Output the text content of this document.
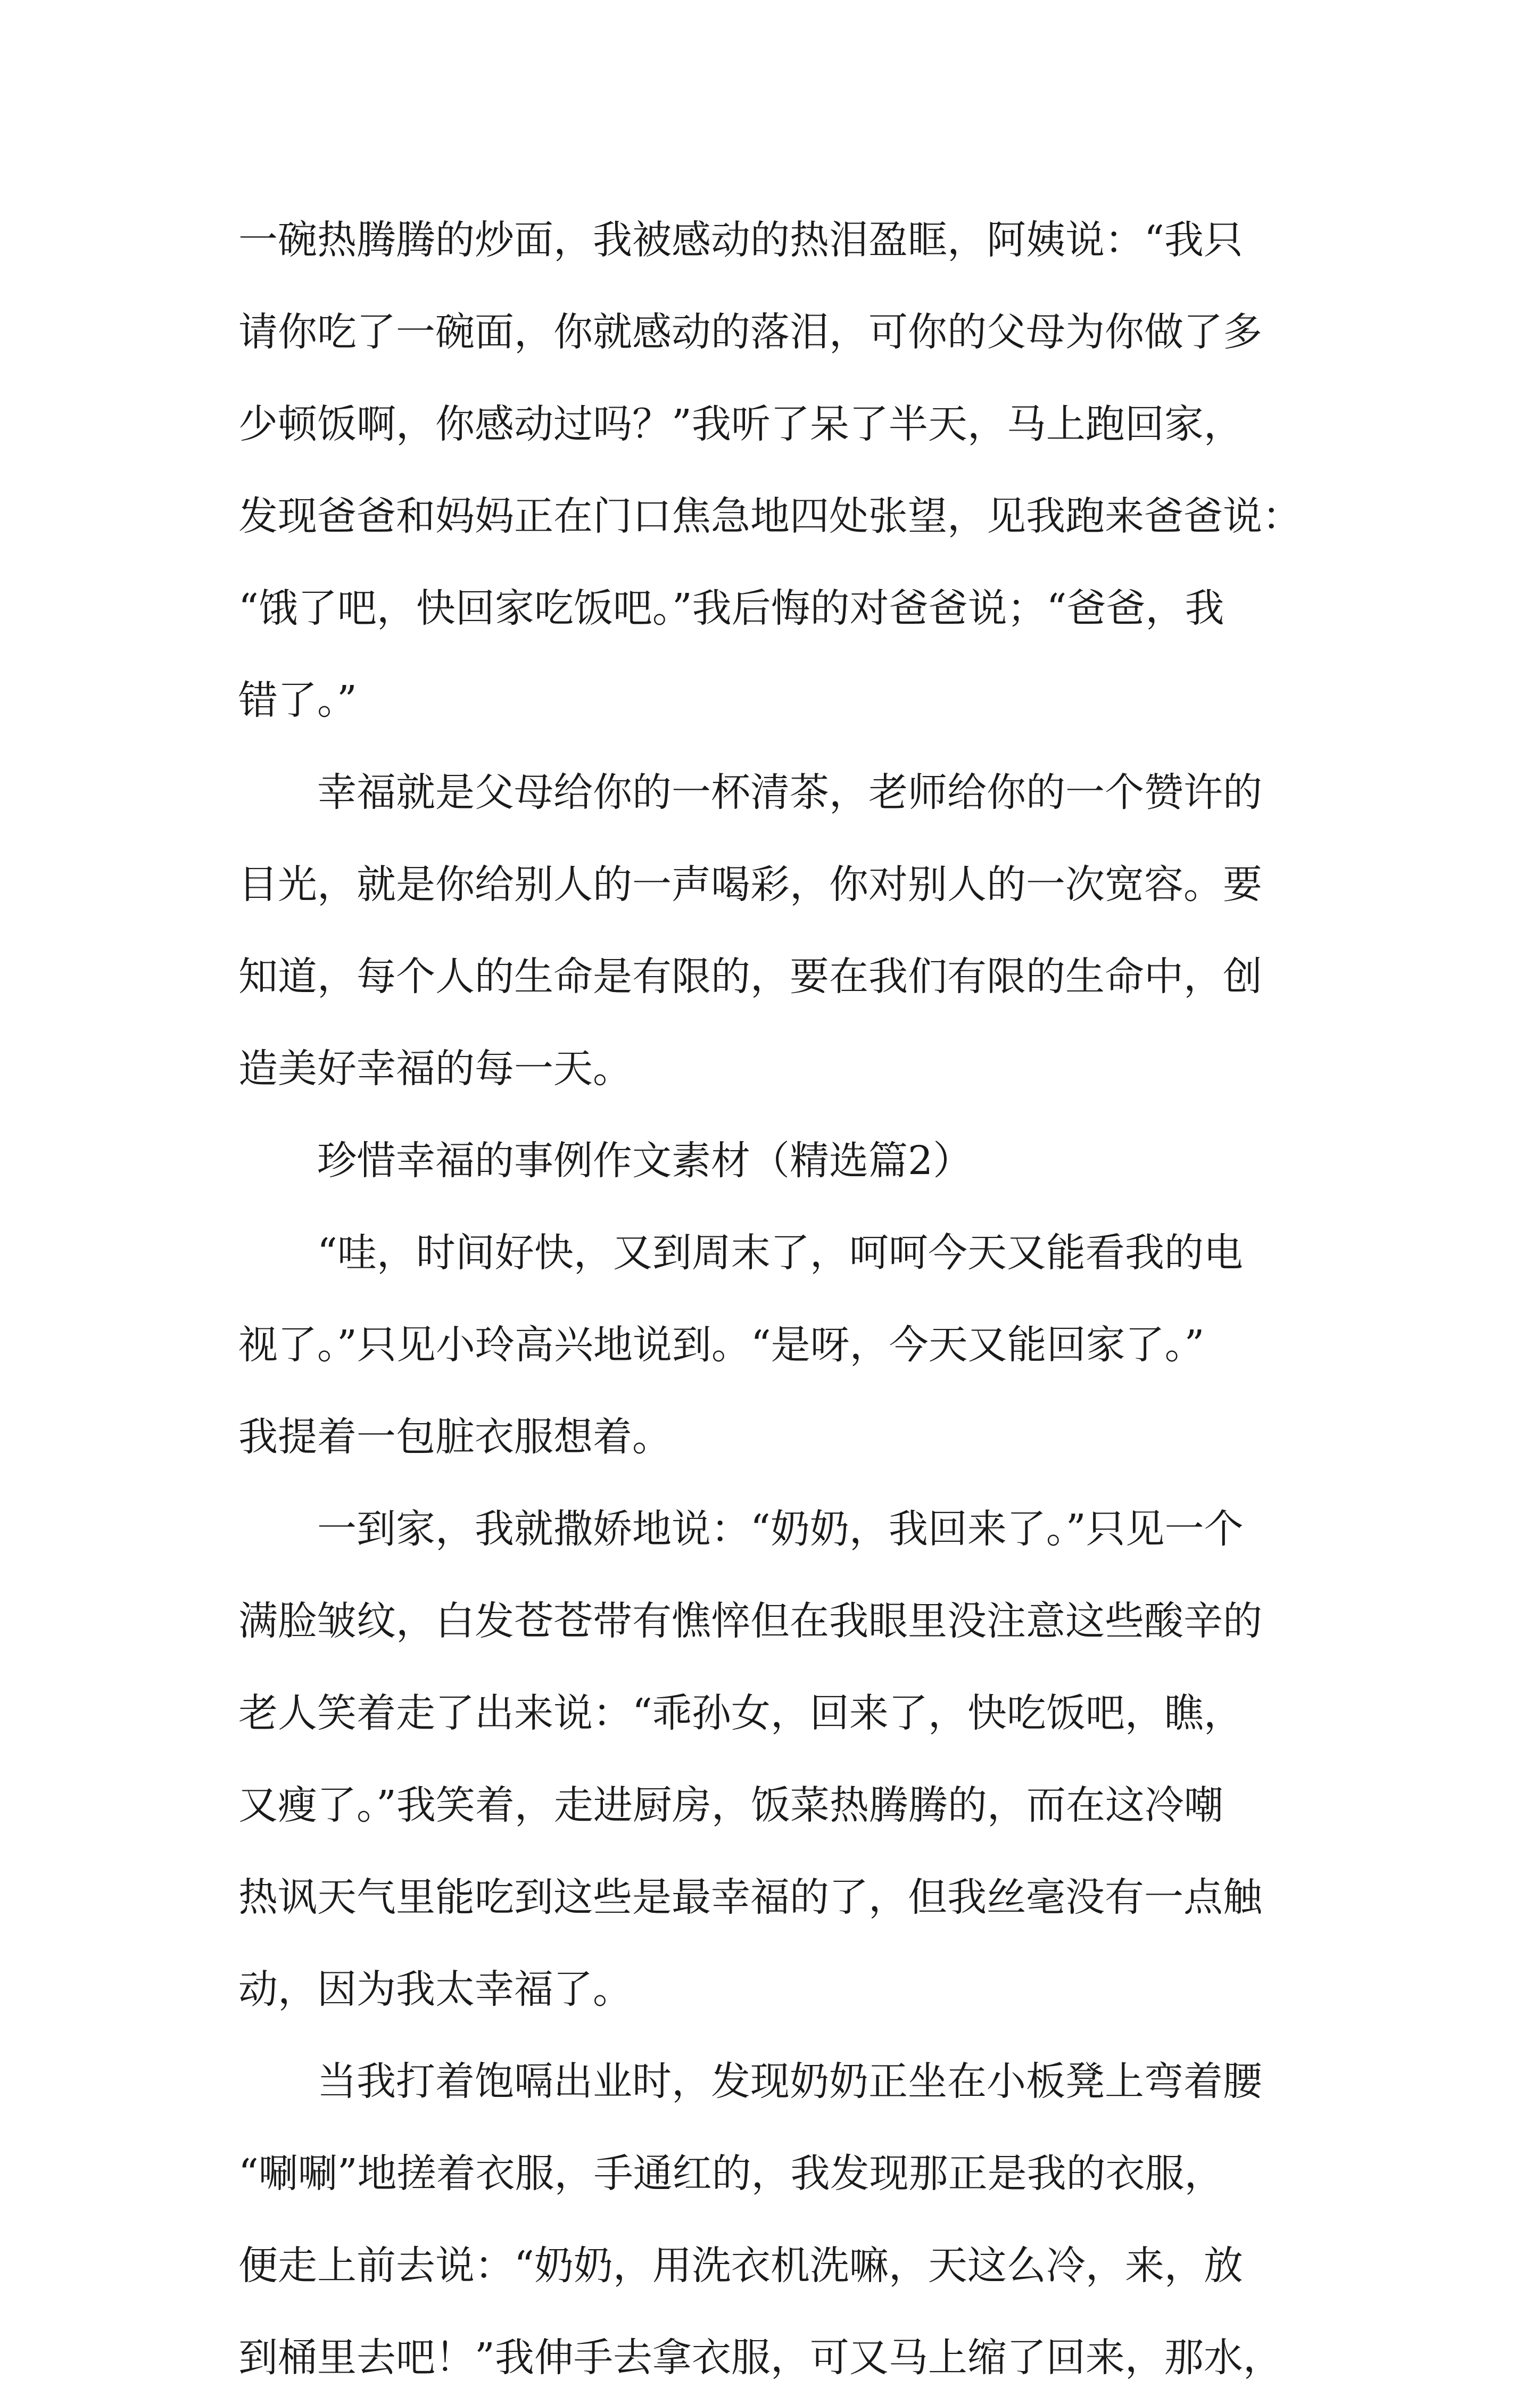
一碗热腾腾的炒面，我被感动的热泪盈眶，阿姨说：“我只
请你吃了一碗面，你就感动的落泪，可你的父母为你做了多
少顿饭啊，你感动过吗？”我听了呆了半天，马上跑回家，
发现爸爸和妈妈正在门口焦急地四处张望，见我跑来爸爸说：
“饿了吧，快回家吃饭吧。”我后悔的对爸爸说；“爸爸，我
错了。”
幸福就是父母给你的一杯清茶，老师给你的一个赞许的
目光，就是你给别人的一声喝彩，你对别人的一次宽容。要
知道，每个人的生命是有限的，要在我们有限的生命中，创
造美好幸福的每一天。
珍惜幸福的事例作文素材（精选篇2）
“哇，时间好快，又到周末了，呵呵今天又能看我的电
视了。”只见小玲高兴地说到。“是呀，今天又能回家了。”
我提着一包脏衣服想着。
一到家，我就撒娇地说：“奶奶，我回来了。”只见一个
满脸皱纹，白发苍苍带有憔悴但在我眼里没注意这些酸辛的
老人笑着走了出来说：“乖孙女，回来了，快吃饭吧，瞧，
又瘦了。”我笑着，走进厨房，饭菜热腾腾的，而在这冷嘲
热讽天气里能吃到这些是最幸福的了，但我丝毫没有一点触
动，因为我太幸福了。
当我打着饱嗝出业时，发现奶奶正坐在小板凳上弯着腰
“唰唰”地搓着衣服，手通红的，我发现那正是我的衣服，
便走上前去说：“奶奶，用洗衣机洗嘛，天这么冷，来，放
到桶里去吧！”我伸手去拿衣服，可又马上缩了回来，那水，
